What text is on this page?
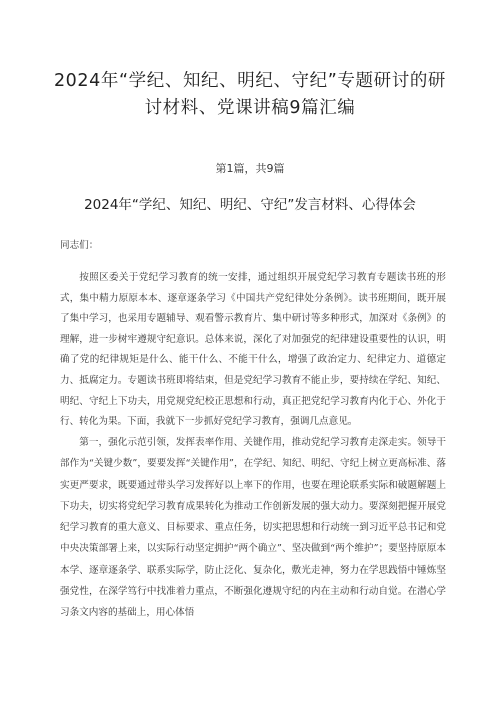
2024年“学纪、知纪、明纪、守纪”专题研讨的研讨材料、党课讲稿9篇汇编
第1篇，共9篇
2024年“学纪、知纪、明纪、守纪”发言材料、心得体会
同志们：

按照区委关于党纪学习教育的统一安排，通过组织开展党纪学习教育专题读书班的形式，集中精力原原本本、逐章逐条学习《中国共产党纪律处分条例》。读书班期间，既开展了集中学习，也采用专题辅导、观看警示教育片、集中研讨等多种形式，加深对《条例》的理解，进一步树牢遵规守纪意识。总体来说，深化了对加强党的纪律建设重要性的认识，明确了党的纪律规矩是什么、能干什么、不能干什么，增强了政治定力、纪律定力、道德定力、抵腐定力。专题读书班即将结束，但是党纪学习教育不能止步，要持续在学纪、知纪、明纪、守纪上下功夫，用党规党纪校正思想和行动，真正把党纪学习教育内化于心、外化于行、转化为果。下面，我就下一步抓好党纪学习教育，强调几点意见。

第一，强化示范引领，发挥表率作用、关键作用，推动党纪学习教育走深走实。领导干部作为“关键少数”，要要发挥“关键作用”，在学纪、知纪、明纪、守纪上树立更高标准、落实更严要求，既要通过带头学习发挥好以上率下的作用，也要在理论联系实际和破题解题上下功夫，切实将党纪学习教育成果转化为推动工作创新发展的强大动力。要深刻把握开展党纪学习教育的重大意义、目标要求、重点任务，切实把思想和行动统一到习近平总书记和党中央决策部署上来，以实际行动坚定拥护“两个确立”、坚决做到“两个维护”；要坚持原原本本学、逐章逐条学、联系实际学，防止泛化、复杂化，敷光走神，努力在学思践悟中锤炼坚强党性，在深学笃行中找准着力重点，不断强化遵规守纪的内在主动和行动自觉。在潜心学习条文内容的基础上，用心体悟
